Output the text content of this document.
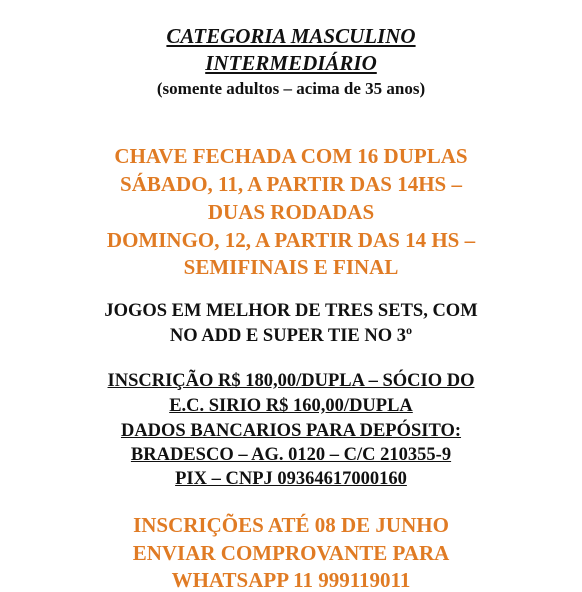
CATEGORIA MASCULINO
INTERMEDIÁRIO
(somente adultos – acima de 35 anos)
CHAVE FECHADA COM 16 DUPLAS
SÁBADO, 11, A PARTIR DAS 14HS –
DUAS RODADAS
DOMINGO, 12, A PARTIR DAS 14 HS –
SEMIFINAIS E FINAL
JOGOS EM MELHOR DE TRES SETS, COM
NO ADD E SUPER TIE NO 3º
INSCRIÇÃO R$ 180,00/DUPLA – SÓCIO DO
E.C. SIRIO R$ 160,00/DUPLA
DADOS BANCARIOS PARA DEPÓSITO:
BRADESCO – AG. 0120 – C/C 210355-9
PIX – CNPJ 09364617000160
INSCRIÇÕES ATÉ 08 DE JUNHO
ENVIAR COMPROVANTE PARA
WHATSAPP 11 999119011
